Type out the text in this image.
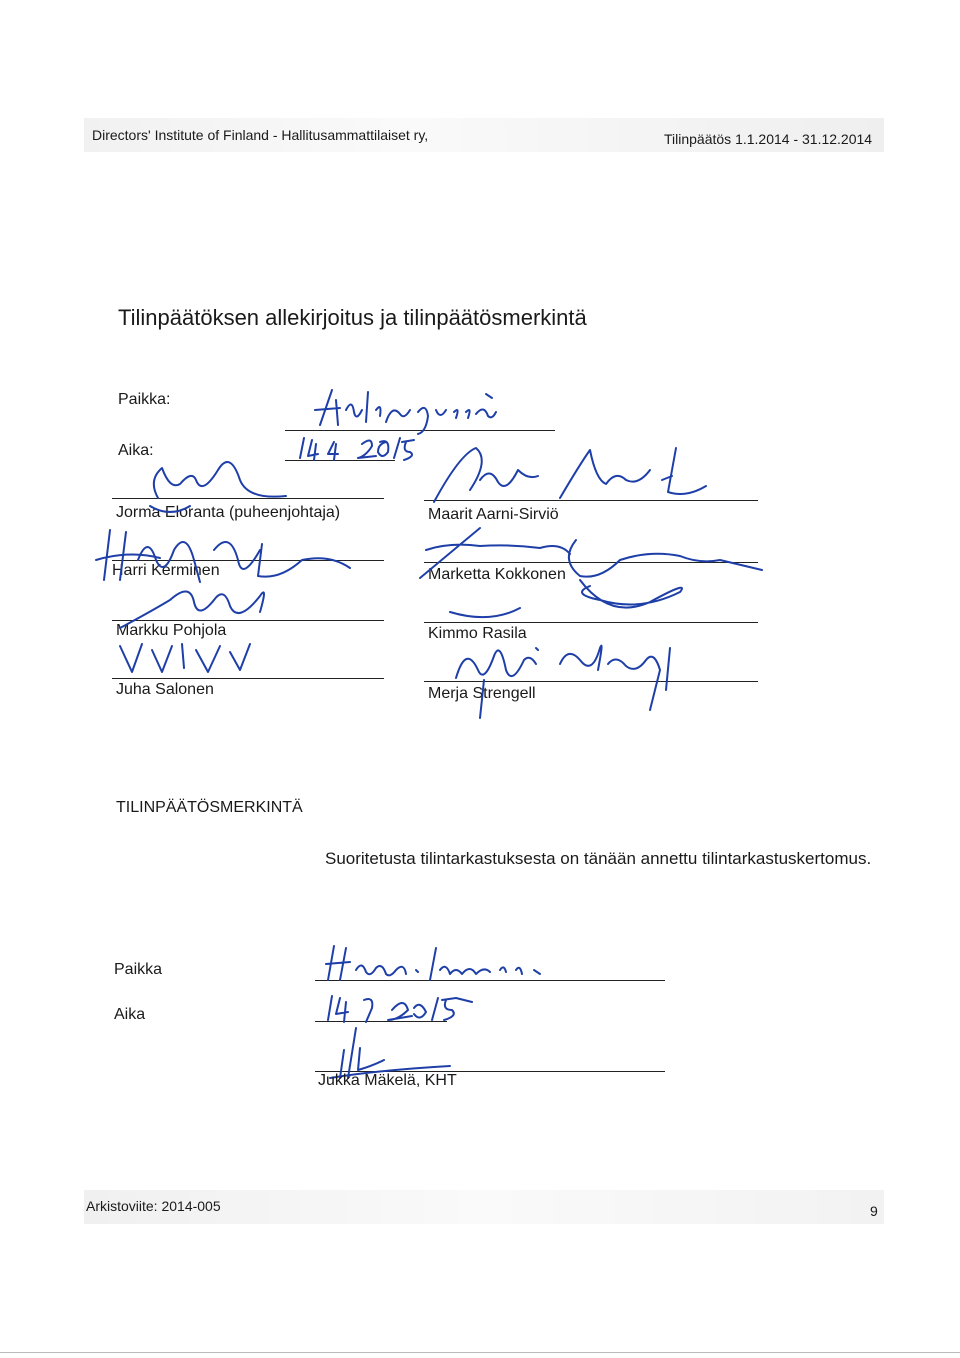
Directors' Institute of Finland - Hallitusammattilaiset ry,	Tilinpäätös 1.1.2014 - 31.12.2014
Tilinpäätöksen allekirjoitus ja tilinpäätösmerkintä
Paikka:
Aika:
Jorma Eloranta (puheenjohtaja)	Maarit Aarni-Sirviö
Harri Kerminen	Marketta Kokkonen
Markku Pohjola	Kimmo Rasila
Juha Salonen	Merja Strengell
TILINPÄÄTÖSMERKINTÄ
Suoritetusta tilintarkastuksesta on tänään annettu tilintarkastuskertomus.
Paikka
Aika
Jukka Mäkelä, KHT
Arkistoviite: 2014-005	9
